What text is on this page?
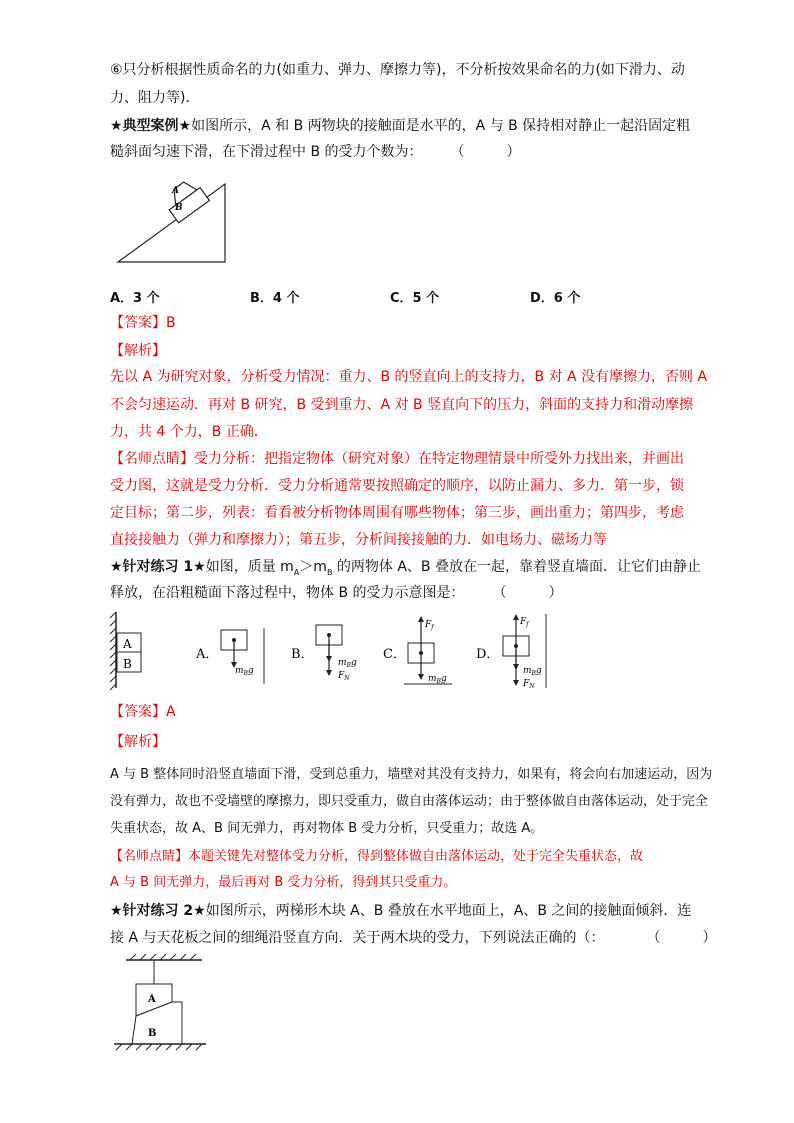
⑥只分析根据性质命名的力(如重力、弹力、摩擦力等)，不分析按效果命名的力(如下滑力、动
力、阻力等)．
★典型案例★如图所示，A 和 B 两物块的接触面是水平的，A 与 B 保持相对静止一起沿固定粗
糙斜面匀速下滑，在下滑过程中 B 的受力个数为：　　　（　　　）
A
B
A．3 个	B．4 个	C．5 个	D．6 个
【答案】B
【解析】
先以 A 为研究对象，分析受力情况：重力、B 的竖直向上的支持力，B 对 A 没有摩擦力，否则 A
不会匀速运动．再对 B 研究，B 受到重力、A 对 B 竖直向下的压力，斜面的支持力和滑动摩擦
力，共 4 个力，B 正确．
【名师点睛】受力分析：把指定物体（研究对象）在特定物理情景中所受外力找出来，并画出
受力图，这就是受力分析．受力分析通常要按照确定的顺序，以防止漏力、多力．第一步，锁
定目标；第二步，列表：看看被分析物体周围有哪些物体；第三步，画出重力；第四步，考虑
直接接触力（弹力和摩擦力）；第五步，分析间接接触的力．如电场力、磁场力等
★针对练习 1★如图，质量 $m_A>m_B$ 的两物体 A、B 叠放在一起，靠着竖直墙面．让它们由静止
释放，在沿粗糙面下落过程中，物体 B 的受力示意图是：　　　（　　　）
A
B
A．
$m_Bg$
B．
$m_Bg$
$F_N$
C．
$F_f$
$m_Bg$
D．
$F_f$
$m_Bg$
$F_N$
【答案】A
【解析】
A 与 B 整体同时沿竖直墙面下滑，受到总重力，墙壁对其没有支持力，如果有，将会向右加速运动，因为
没有弹力，故也不受墙壁的摩擦力，即只受重力，做自由落体运动；由于整体做自由落体运动，处于完全
失重状态，故 A、B 间无弹力，再对物体 B 受力分析，只受重力；故选 A。
【名师点睛】本题关键先对整体受力分析，得到整体做自由落体运动，处于完全失重状态，故
A 与 B 间无弹力，最后再对 B 受力分析，得到其只受重力。
★针对练习 2★如图所示，两梯形木块 A、B 叠放在水平地面上，A、B 之间的接触面倾斜．连
接 A 与天花板之间的细绳沿竖直方向．关于两木块的受力，下列说法正确的（：　　　　（　　　）
A
B
